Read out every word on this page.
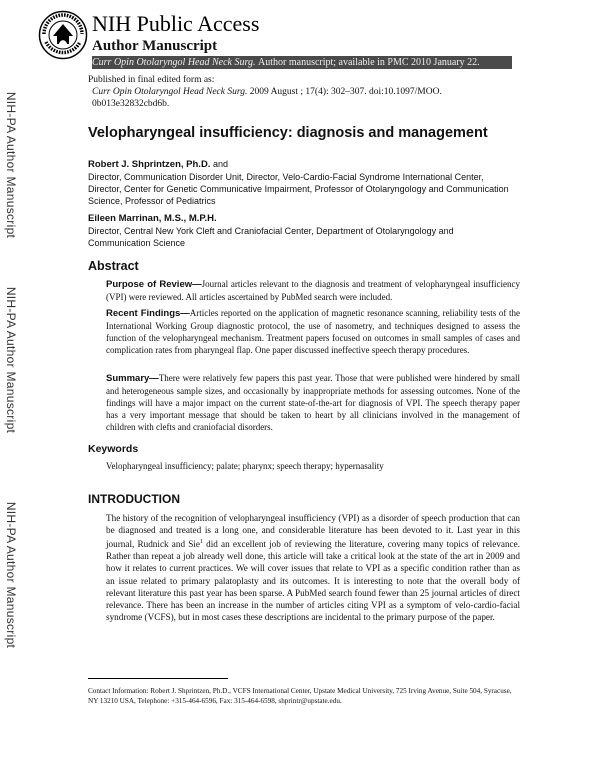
NIH Public Access
Author Manuscript
Curr Opin Otolaryngol Head Neck Surg. Author manuscript; available in PMC 2010 January 22.
NIH-PA Author Manuscript
NIH-PA Author Manuscript
NIH-PA Author Manuscript
Published in final edited form as:
Curr Opin Otolaryngol Head Neck Surg. 2009 August ; 17(4): 302–307. doi:10.1097/MOO.
0b013e32832cbd6b.
Velopharyngeal insufficiency: diagnosis and management
Robert J. Shprintzen, Ph.D. and
Director, Communication Disorder Unit, Director, Velo-Cardio-Facial Syndrome International Center, Director, Center for Genetic Communicative Impairment, Professor of Otolaryngology and Communication Science, Professor of Pediatrics
Eileen Marrinan, M.S., M.P.H.
Director, Central New York Cleft and Craniofacial Center, Department of Otolaryngology and Communication Science
Abstract
Purpose of Review—Journal articles relevant to the diagnosis and treatment of velopharyngeal insufficiency (VPI) were reviewed. All articles ascertained by PubMed search were included.
Recent Findings—Articles reported on the application of magnetic resonance scanning, reliability tests of the International Working Group diagnostic protocol, the use of nasometry, and techniques designed to assess the function of the velopharyngeal mechanism. Treatment papers focused on outcomes in small samples of cases and complication rates from pharyngeal flap. One paper discussed ineffective speech therapy procedures.
Summary—There were relatively few papers this past year. Those that were published were hindered by small and heterogeneous sample sizes, and occasionally by inappropriate methods for assessing outcomes. None of the findings will have a major impact on the current state-of-the-art for diagnosis of VPI. The speech therapy paper has a very important message that should be taken to heart by all clinicians involved in the management of children with clefts and craniofacial disorders.
Keywords
Velopharyngeal insufficiency; palate; pharynx; speech therapy; hypernasality
INTRODUCTION
The history of the recognition of velopharyngeal insufficiency (VPI) as a disorder of speech production that can be diagnosed and treated is a long one, and considerable literature has been devoted to it. Last year in this journal, Rudnick and Sie$^1$ did an excellent job of reviewing the literature, covering many topics of relevance. Rather than repeat a job already well done, this article will take a critical look at the state of the art in 2009 and how it relates to current practices. We will cover issues that relate to VPI as a specific condition rather than as an issue related to primary palatoplasty and its outcomes. It is interesting to note that the overall body of relevant literature this past year has been sparse. A PubMed search found fewer than 25 journal articles of direct relevance. There has been an increase in the number of articles citing VPI as a symptom of velo-cardio-facial syndrome (VCFS), but in most cases these descriptions are incidental to the primary purpose of the paper.
Contact Information: Robert J. Shprintzen, Ph.D., VCFS International Center, Upstate Medical University, 725 Irving Avenue, Suite 504, Syracuse, NY 13210 USA, Telephone: +315-464-6596, Fax: 315-464-6598, shprintr@upstate.edu.
